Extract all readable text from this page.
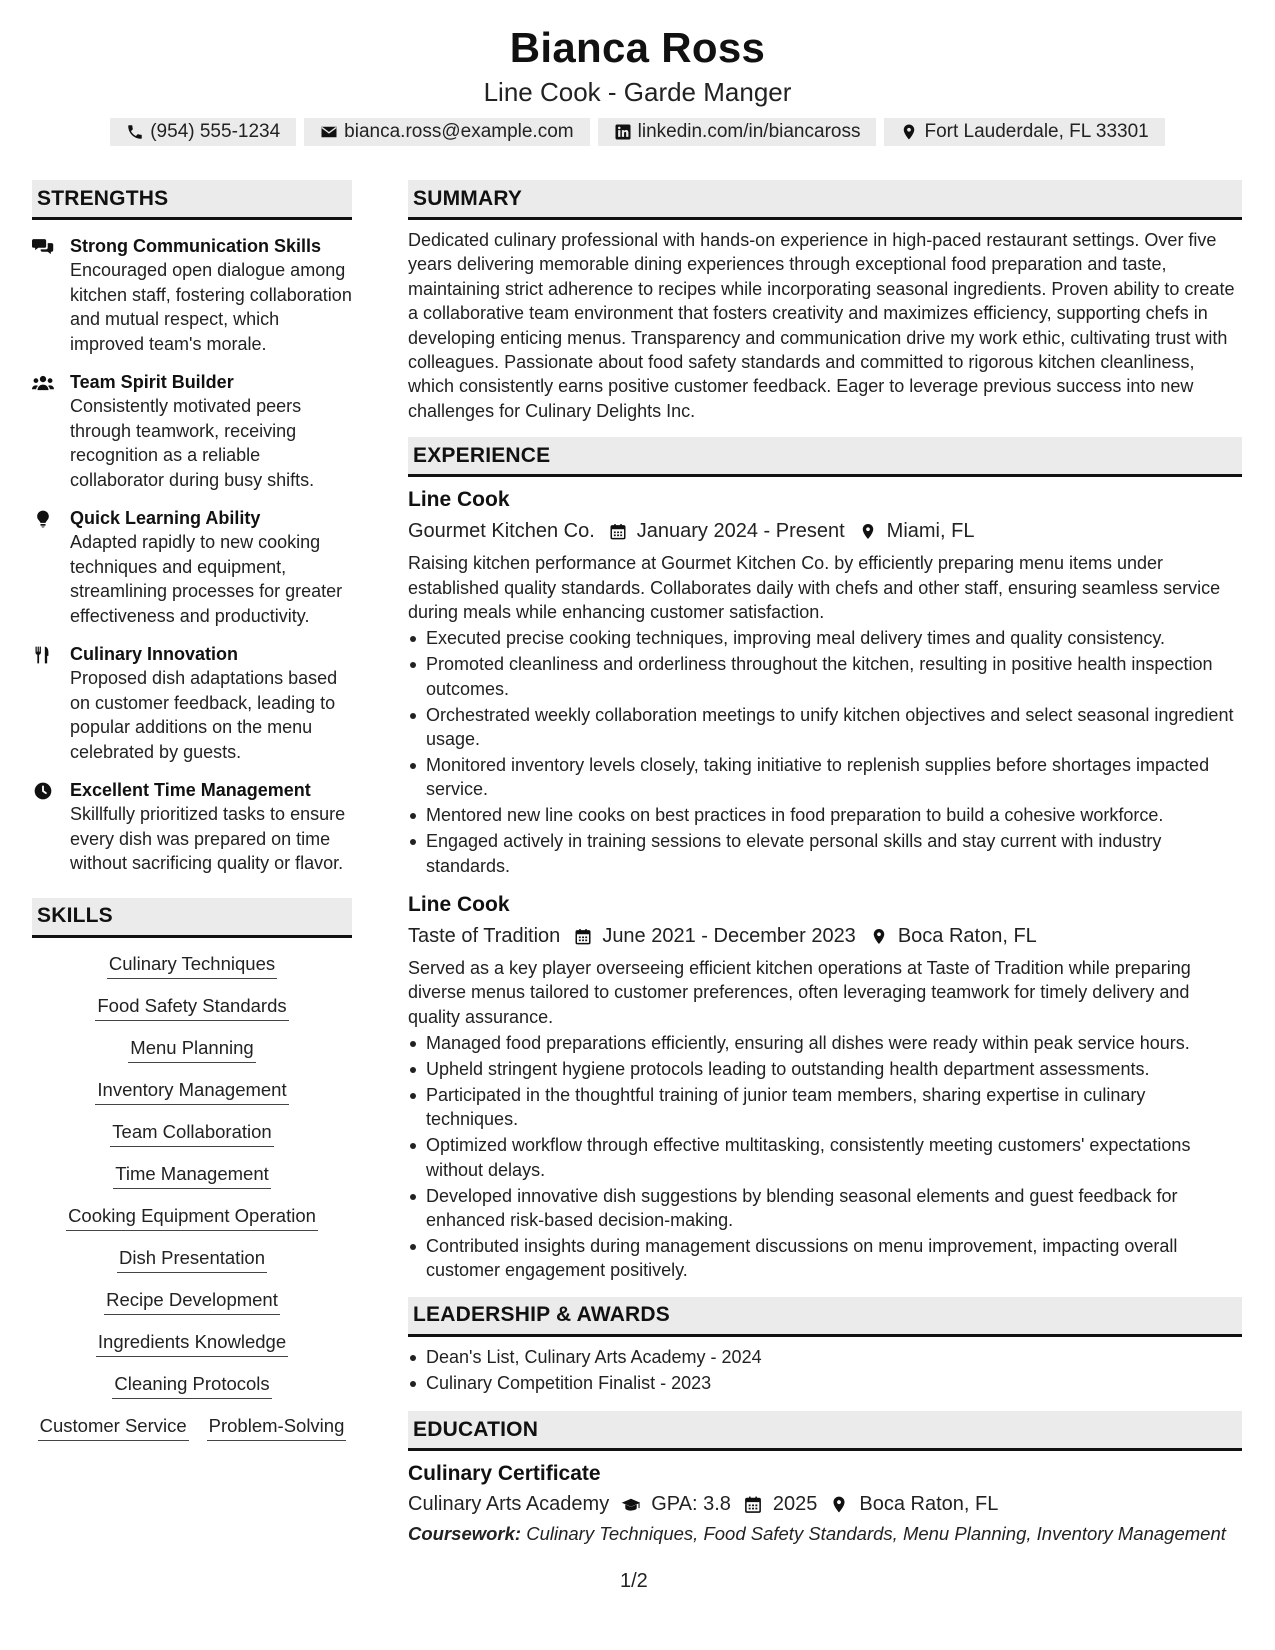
Bianca Ross
Line Cook - Garde Manger
(954) 555-1234	bianca.ross@example.com	linkedin.com/in/biancaross	Fort Lauderdale, FL 33301
STRENGTHS
Strong Communication Skills
Encouraged open dialogue among kitchen staff, fostering collaboration and mutual respect, which improved team's morale.
Team Spirit Builder
Consistently motivated peers through teamwork, receiving recognition as a reliable collaborator during busy shifts.
Quick Learning Ability
Adapted rapidly to new cooking techniques and equipment, streamlining processes for greater effectiveness and productivity.
Culinary Innovation
Proposed dish adaptations based on customer feedback, leading to popular additions on the menu celebrated by guests.
Excellent Time Management
Skillfully prioritized tasks to ensure every dish was prepared on time without sacrificing quality or flavor.
SKILLS
Culinary Techniques
Food Safety Standards
Menu Planning
Inventory Management
Team Collaboration
Time Management
Cooking Equipment Operation
Dish Presentation
Recipe Development
Ingredients Knowledge
Cleaning Protocols
Customer Service Problem-Solving
SUMMARY
Dedicated culinary professional with hands-on experience in high-paced restaurant settings. Over five years delivering memorable dining experiences through exceptional food preparation and taste, maintaining strict adherence to recipes while incorporating seasonal ingredients. Proven ability to create a collaborative team environment that fosters creativity and maximizes efficiency, supporting chefs in developing enticing menus. Transparency and communication drive my work ethic, cultivating trust with colleagues. Passionate about food safety standards and committed to rigorous kitchen cleanliness, which consistently earns positive customer feedback. Eager to leverage previous success into new challenges for Culinary Delights Inc.
EXPERIENCE
Line Cook
Gourmet Kitchen Co. January 2024 - Present Miami, FL
Raising kitchen performance at Gourmet Kitchen Co. by efficiently preparing menu items under established quality standards. Collaborates daily with chefs and other staff, ensuring seamless service during meals while enhancing customer satisfaction.
Executed precise cooking techniques, improving meal delivery times and quality consistency.
Promoted cleanliness and orderliness throughout the kitchen, resulting in positive health inspection outcomes.
Orchestrated weekly collaboration meetings to unify kitchen objectives and select seasonal ingredient usage.
Monitored inventory levels closely, taking initiative to replenish supplies before shortages impacted service.
Mentored new line cooks on best practices in food preparation to build a cohesive workforce.
Engaged actively in training sessions to elevate personal skills and stay current with industry standards.
Line Cook
Taste of Tradition June 2021 - December 2023 Boca Raton, FL
Served as a key player overseeing efficient kitchen operations at Taste of Tradition while preparing diverse menus tailored to customer preferences, often leveraging teamwork for timely delivery and quality assurance.
Managed food preparations efficiently, ensuring all dishes were ready within peak service hours.
Upheld stringent hygiene protocols leading to outstanding health department assessments.
Participated in the thoughtful training of junior team members, sharing expertise in culinary techniques.
Optimized workflow through effective multitasking, consistently meeting customers' expectations without delays.
Developed innovative dish suggestions by blending seasonal elements and guest feedback for enhanced risk-based decision-making.
Contributed insights during management discussions on menu improvement, impacting overall customer engagement positively.
LEADERSHIP & AWARDS
Dean's List, Culinary Arts Academy - 2024
Culinary Competition Finalist - 2023
EDUCATION
Culinary Certificate
Culinary Arts Academy GPA: 3.8 2025 Boca Raton, FL
Coursework: Culinary Techniques, Food Safety Standards, Menu Planning, Inventory Management
1/2
